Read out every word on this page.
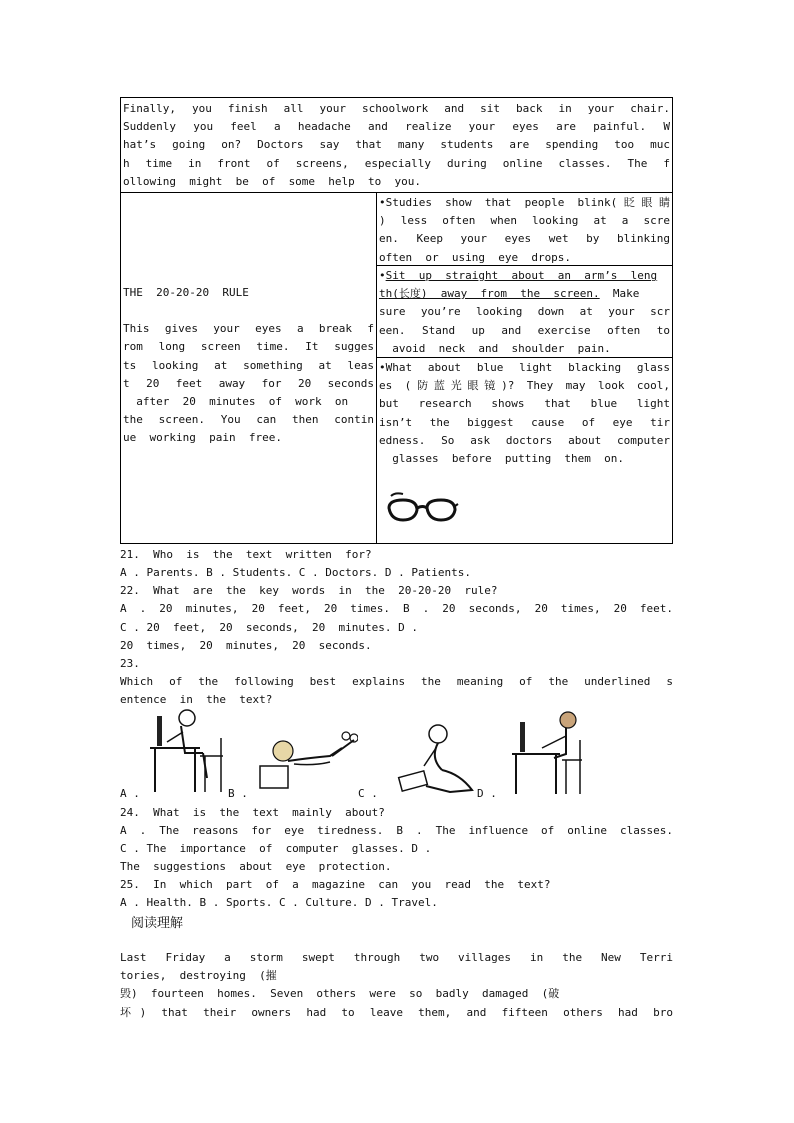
Finally, you finish all your schoolwork and sit back in your chair.
Suddenly you feel a headache and realize your eyes are painful. W
hat’s going on? Doctors say that many students are spending too muc
h time in front of screens, especially during online classes. The f
ollowing  might  be  of  some  help  to  you.
THE  20-20-20  RULE
This gives your eyes a break f
rom long screen time. It sugges
ts looking at something at leas
t 20 feet away for 20 seconds
after  20  minutes  of  work  on
the screen. You can then contin
ue  working  pain  free.
•Studies show that people blink(眨眼睛
) less often when looking at a scre
en. Keep your eyes wet by blinking
often  or  using  eye  drops.
•Sit  up  straight  about  an  arm’s  leng
th(长度)  away  from  the  screen.  Make
sure you’re looking down at your scr
een. Stand up and exercise often to
avoid  neck  and  shoulder  pain.
•What about blue light blacking glass
es (防蓝光眼镜)? They may look cool,
but research shows that blue light
isn’t the biggest cause of eye tir
edness. So ask doctors about computer
glasses  before  putting  them  on.
21.  Who  is  the  text  written  for?
A . Parents. B . Students. C . Doctors. D . Patients.
22.  What  are  the  key  words  in  the  20-20-20  rule?
A . 20 minutes, 20 feet, 20 times. B . 20 seconds, 20 times, 20 feet.
C . 20  feet,  20  seconds,  20  minutes. D .
20  times,  20  minutes,  20  seconds.
23.
Which of the following best explains the meaning of the underlined s
entence  in  the  text?
A .	B .	C .	D .
24.  What  is  the  text  mainly  about?
A . The reasons for eye tiredness. B . The influence of online classes.
C . The  importance  of  computer  glasses. D .
The  suggestions  about  eye  protection.
25.  In  which  part  of  a  magazine  can  you  read  the  text?
A . Health. B . Sports. C . Culture. D . Travel.
阅读理解
Last Friday a storm swept through two villages in the New Terri
tories,  destroying  (摧
毁)  fourteen  homes.  Seven  others  were  so  badly  damaged  (破
坏) that their owners had to leave them, and fifteen others had bro
